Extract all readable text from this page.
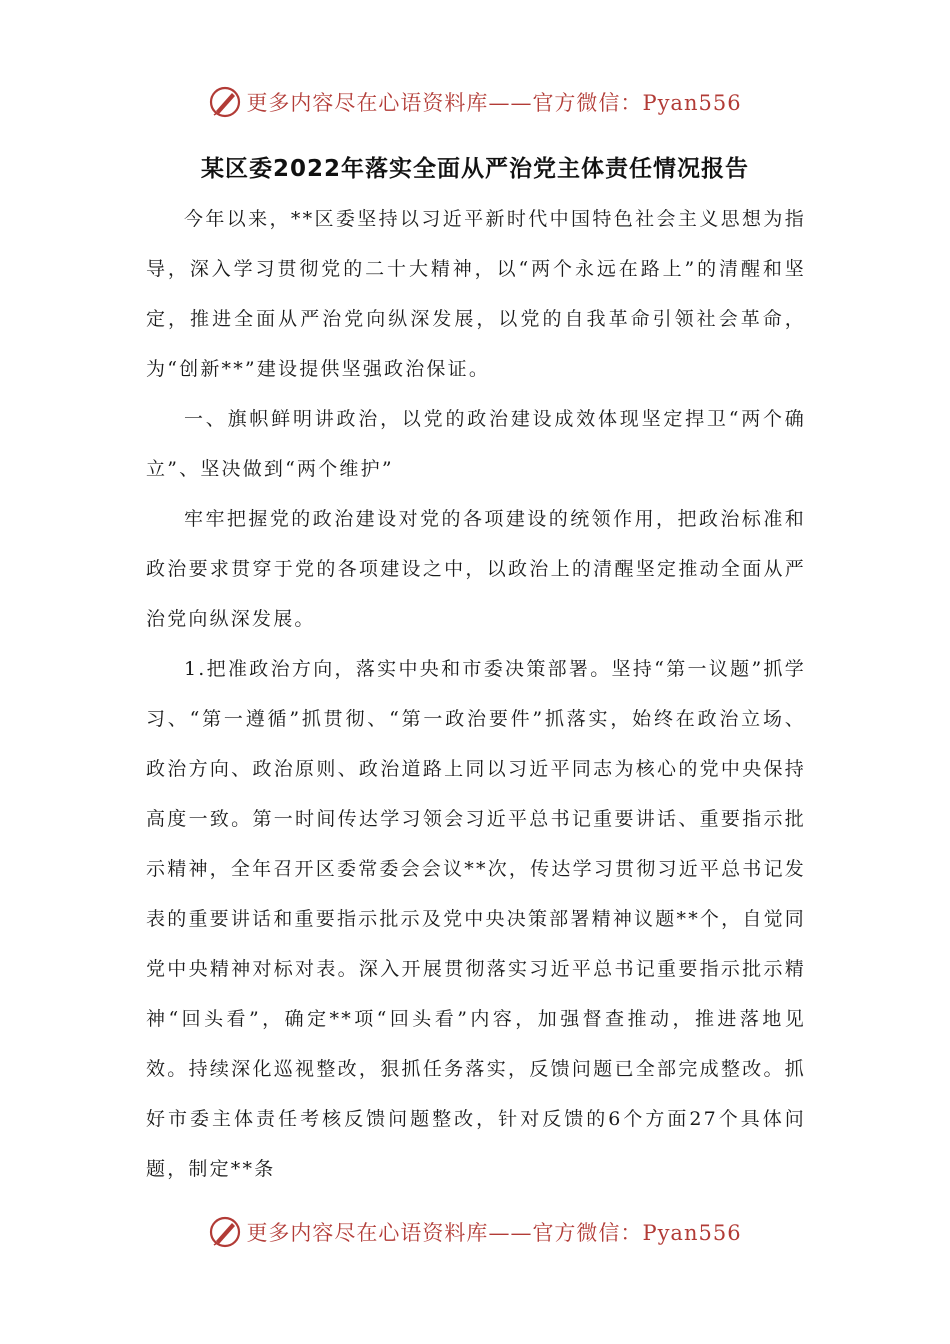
更多内容尽在心语资料库——官方微信：Pyan556
某区委2022年落实全面从严治党主体责任情况报告

今年以来，**区委坚持以习近平新时代中国特色社会主义思想为指导，深入学习贯彻党的二十大精神，以“两个永远在路上”的清醒和坚定，推进全面从严治党向纵深发展，以党的自我革命引领社会革命，为“创新**”建设提供坚强政治保证。

一、旗帜鲜明讲政治，以党的政治建设成效体现坚定捍卫“两个确立”、坚决做到“两个维护”

牢牢把握党的政治建设对党的各项建设的统领作用，把政治标准和政治要求贯穿于党的各项建设之中，以政治上的清醒坚定推动全面从严治党向纵深发展。

1.把准政治方向，落实中央和市委决策部署。坚持“第一议题”抓学习、“第一遵循”抓贯彻、“第一政治要件”抓落实，始终在政治立场、政治方向、政治原则、政治道路上同以习近平同志为核心的党中央保持高度一致。第一时间传达学习领会习近平总书记重要讲话、重要指示批示精神，全年召开区委常委会会议**次，传达学习贯彻习近平总书记发表的重要讲话和重要指示批示及党中央决策部署精神议题**个，自觉同党中央精神对标对表。深入开展贯彻落实习近平总书记重要指示批示精神“回头看”，确定**项“回头看”内容，加强督查推动，推进落地见效。持续深化巡视整改，狠抓任务落实，反馈问题已全部完成整改。抓好市委主体责任考核反馈问题整改，针对反馈的6个方面27个具体问题，制定**条

更多内容尽在心语资料库——官方微信：Pyan556
